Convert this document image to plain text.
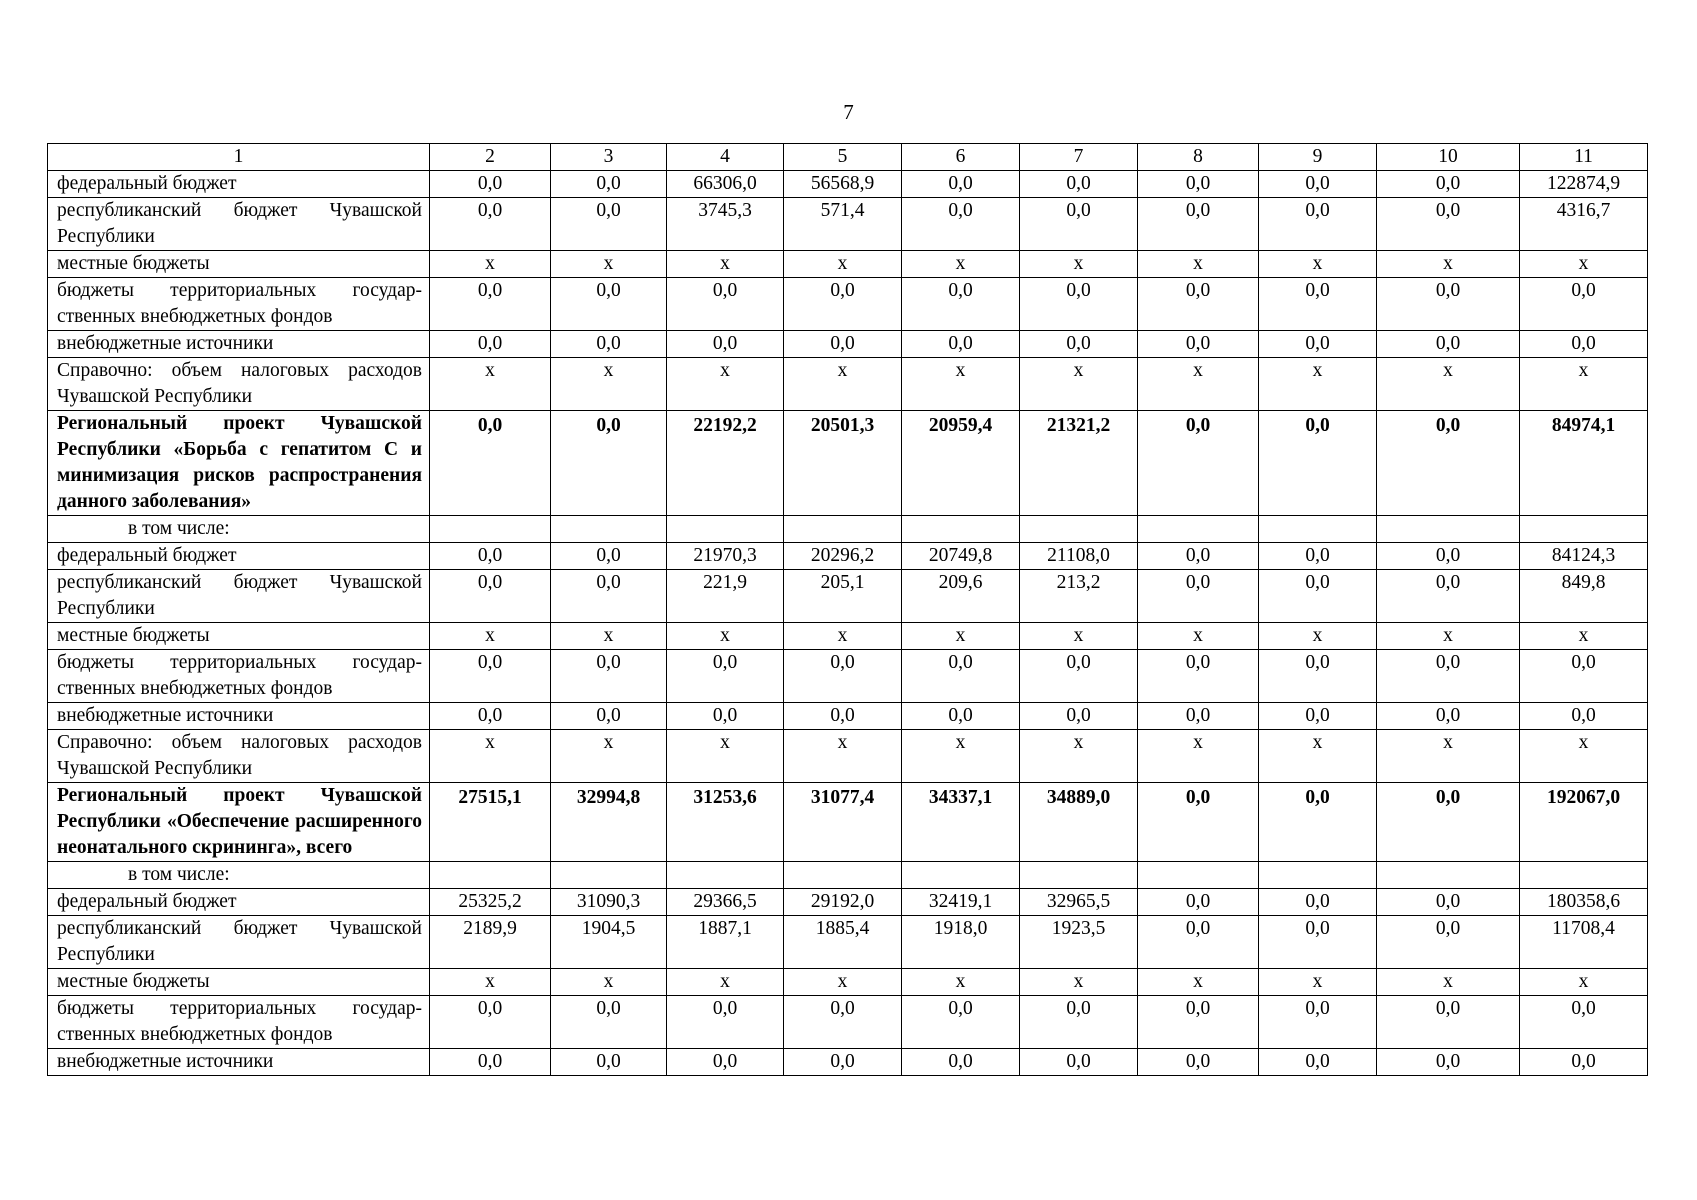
7
1	2	3	4	5	6	7	8	9	10	11
федеральный бюджет	0,0	0,0	66306,0	56568,9	0,0	0,0	0,0	0,0	0,0	122874,9
республиканский бюджет Чувашской Республики	0,0	0,0	3745,3	571,4	0,0	0,0	0,0	0,0	0,0	4316,7
местные бюджеты	x	x	x	x	x	x	x	x	x	x
бюджеты территориальных государственных внебюджетных фондов	0,0	0,0	0,0	0,0	0,0	0,0	0,0	0,0	0,0	0,0
внебюджетные источники	0,0	0,0	0,0	0,0	0,0	0,0	0,0	0,0	0,0	0,0
Справочно: объем налоговых расходов Чувашской Республики	x	x	x	x	x	x	x	x	x	x
Региональный проект Чувашской Республики «Борьба с гепатитом С и минимизация рисков распространения данного заболевания»	0,0	0,0	22192,2	20501,3	20959,4	21321,2	0,0	0,0	0,0	84974,1
в том числе:										
федеральный бюджет	0,0	0,0	21970,3	20296,2	20749,8	21108,0	0,0	0,0	0,0	84124,3
республиканский бюджет Чувашской Республики	0,0	0,0	221,9	205,1	209,6	213,2	0,0	0,0	0,0	849,8
местные бюджеты	x	x	x	x	x	x	x	x	x	x
бюджеты территориальных государственных внебюджетных фондов	0,0	0,0	0,0	0,0	0,0	0,0	0,0	0,0	0,0	0,0
внебюджетные источники	0,0	0,0	0,0	0,0	0,0	0,0	0,0	0,0	0,0	0,0
Справочно: объем налоговых расходов Чувашской Республики	x	x	x	x	x	x	x	x	x	x
Региональный проект Чувашской Республики «Обеспечение расширенного неонатального скрининга», всего	27515,1	32994,8	31253,6	31077,4	34337,1	34889,0	0,0	0,0	0,0	192067,0
в том числе:										
федеральный бюджет	25325,2	31090,3	29366,5	29192,0	32419,1	32965,5	0,0	0,0	0,0	180358,6
республиканский бюджет Чувашской Республики	2189,9	1904,5	1887,1	1885,4	1918,0	1923,5	0,0	0,0	0,0	11708,4
местные бюджеты	x	x	x	x	x	x	x	x	x	x
бюджеты территориальных государственных внебюджетных фондов	0,0	0,0	0,0	0,0	0,0	0,0	0,0	0,0	0,0	0,0
внебюджетные источники	0,0	0,0	0,0	0,0	0,0	0,0	0,0	0,0	0,0	0,0
